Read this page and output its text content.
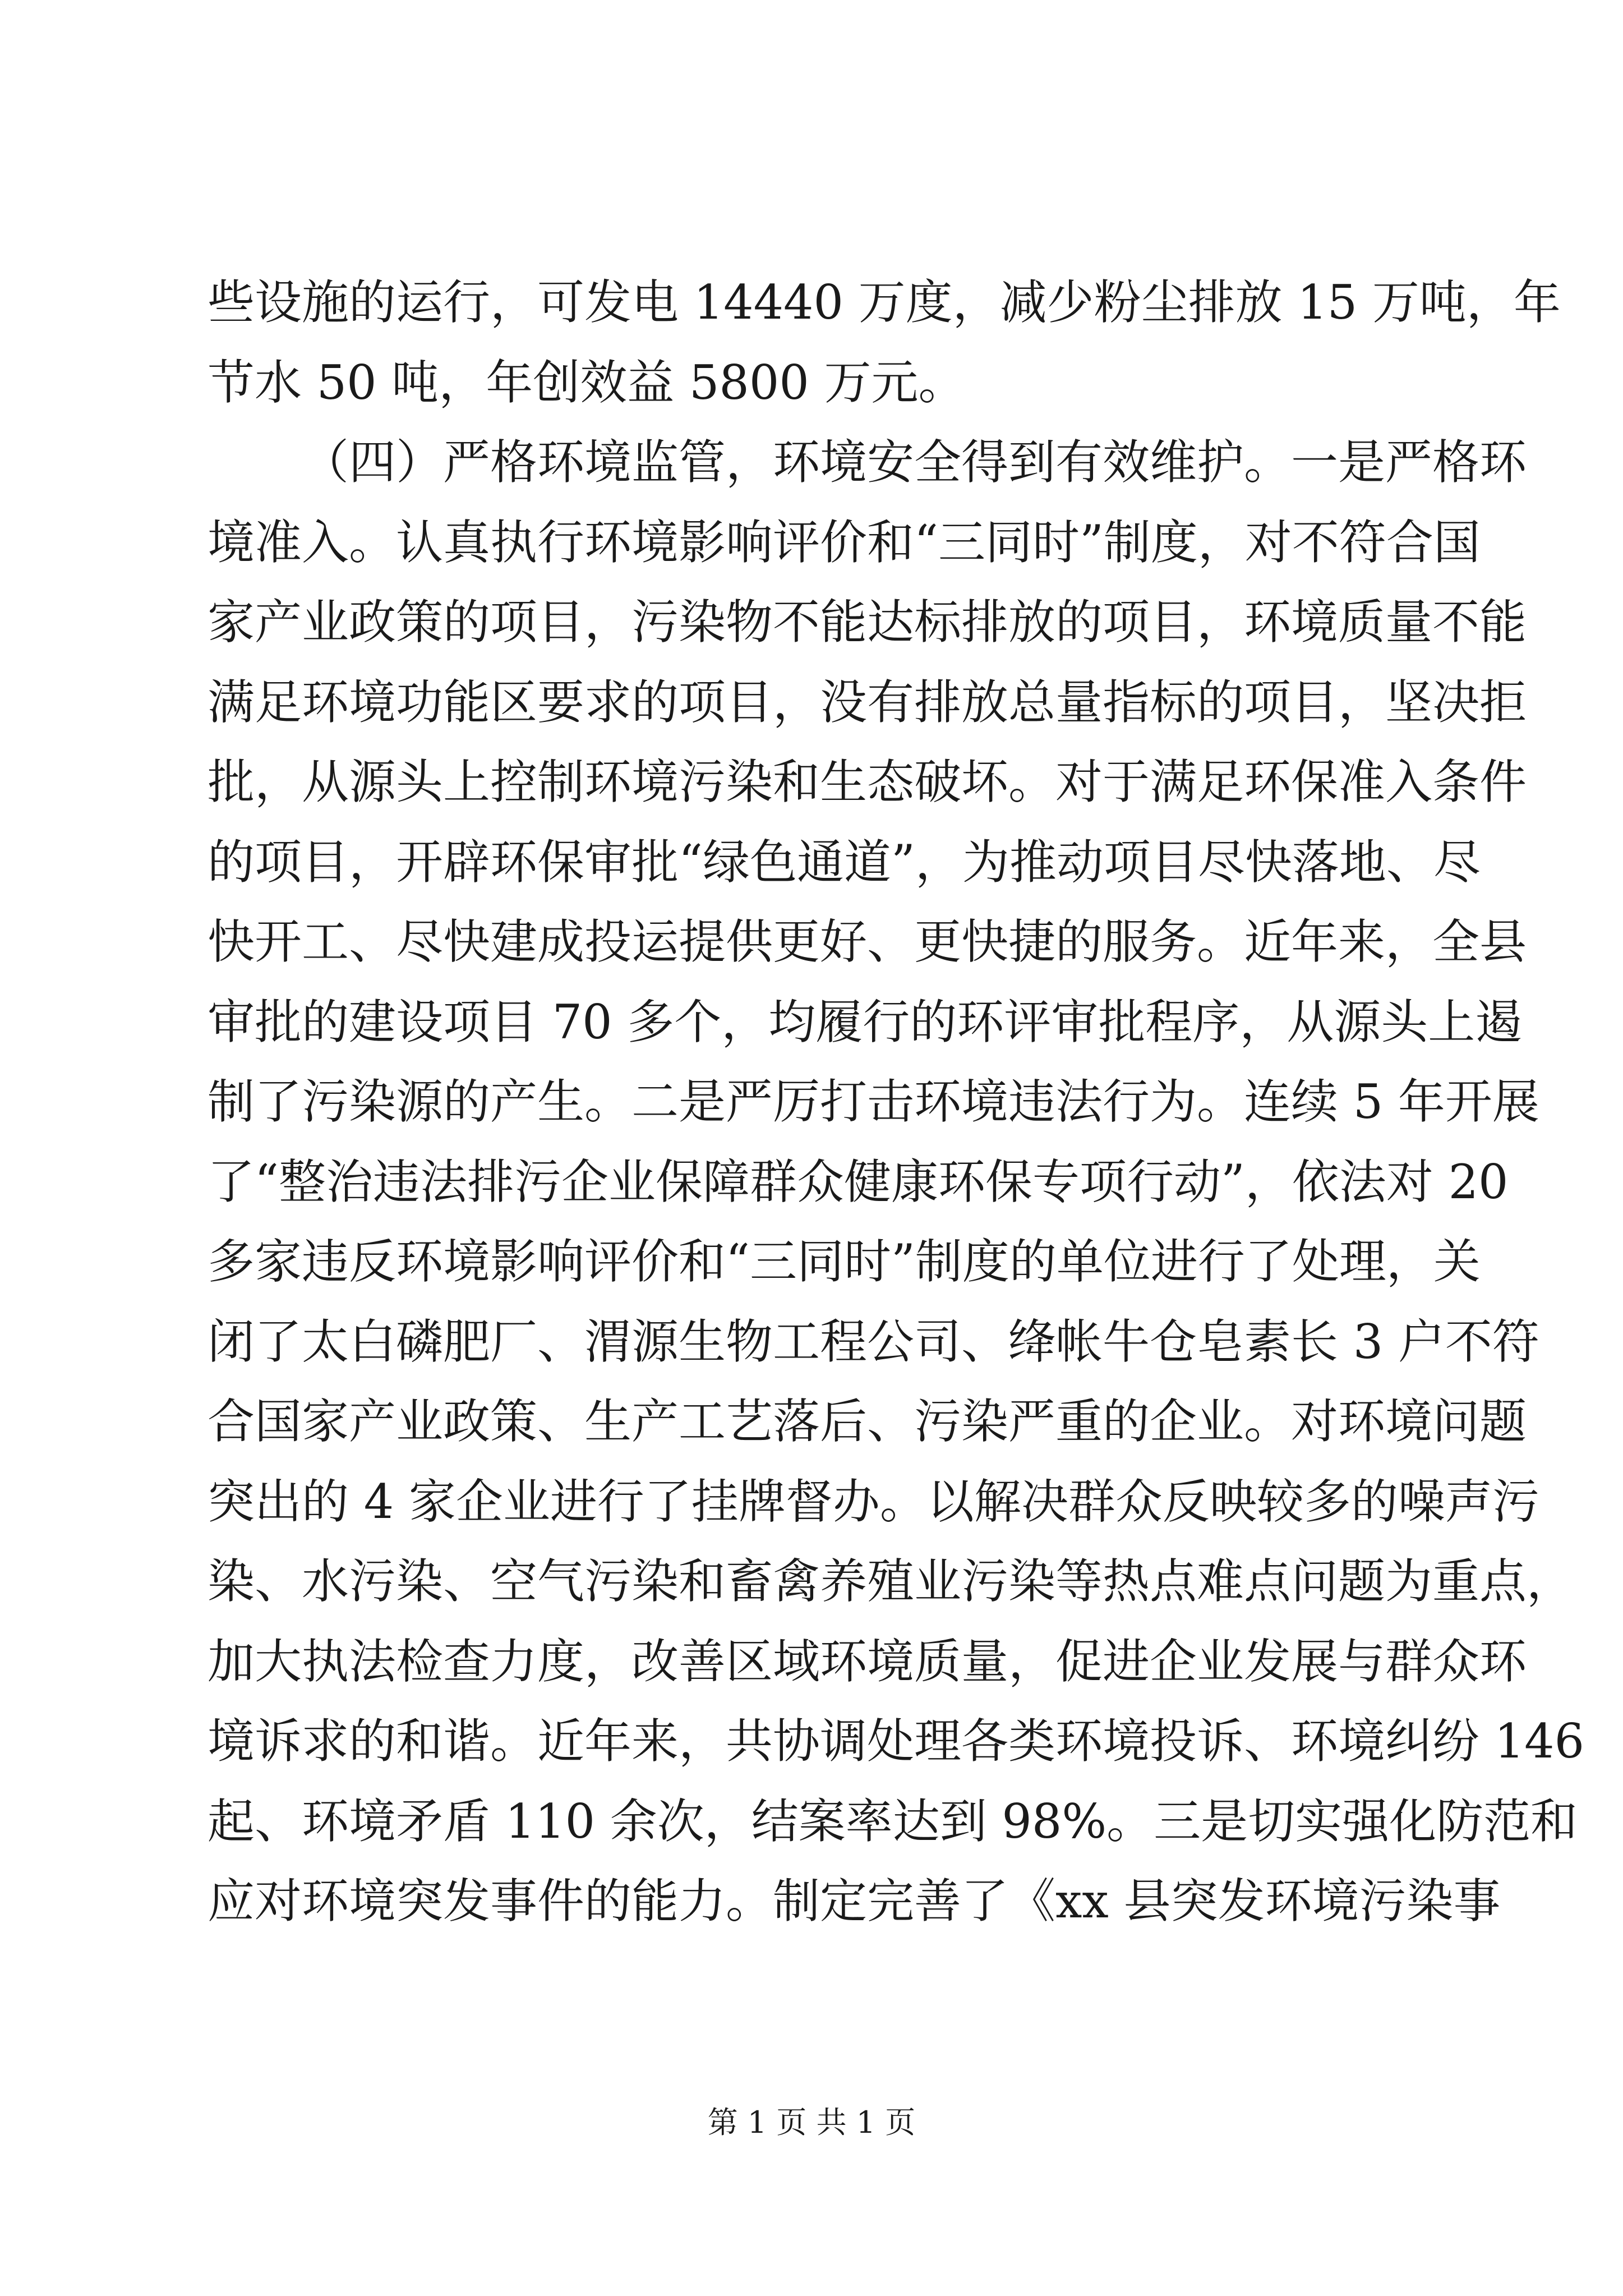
些设施的运行，可发电 14440 万度，减少粉尘排放 15 万吨，年
节水 50 吨，年创效益 5800 万元。
（四）严格环境监管，环境安全得到有效维护。一是严格环
境准入。认真执行环境影响评价和“三同时”制度，对不符合国
家产业政策的项目，污染物不能达标排放的项目，环境质量不能
满足环境功能区要求的项目，没有排放总量指标的项目，坚决拒
批，从源头上控制环境污染和生态破坏。对于满足环保准入条件
的项目，开辟环保审批“绿色通道”，为推动项目尽快落地、尽
快开工、尽快建成投运提供更好、更快捷的服务。近年来，全县
审批的建设项目 70 多个，均履行的环评审批程序，从源头上遏
制了污染源的产生。二是严厉打击环境违法行为。连续 5 年开展
了“整治违法排污企业保障群众健康环保专项行动”，依法对 20
多家违反环境影响评价和“三同时”制度的单位进行了处理，关
闭了太白磷肥厂、渭源生物工程公司、绛帐牛仓皂素长 3 户不符
合国家产业政策、生产工艺落后、污染严重的企业。对环境问题
突出的 4 家企业进行了挂牌督办。以解决群众反映较多的噪声污
染、水污染、空气污染和畜禽养殖业污染等热点难点问题为重点，
加大执法检查力度，改善区域环境质量，促进企业发展与群众环
境诉求的和谐。近年来，共协调处理各类环境投诉、环境纠纷 146
起、环境矛盾 110 余次，结案率达到 98%。三是切实强化防范和
应对环境突发事件的能力。制定完善了《xx 县突发环境污染事
第 1 页 共 1 页
